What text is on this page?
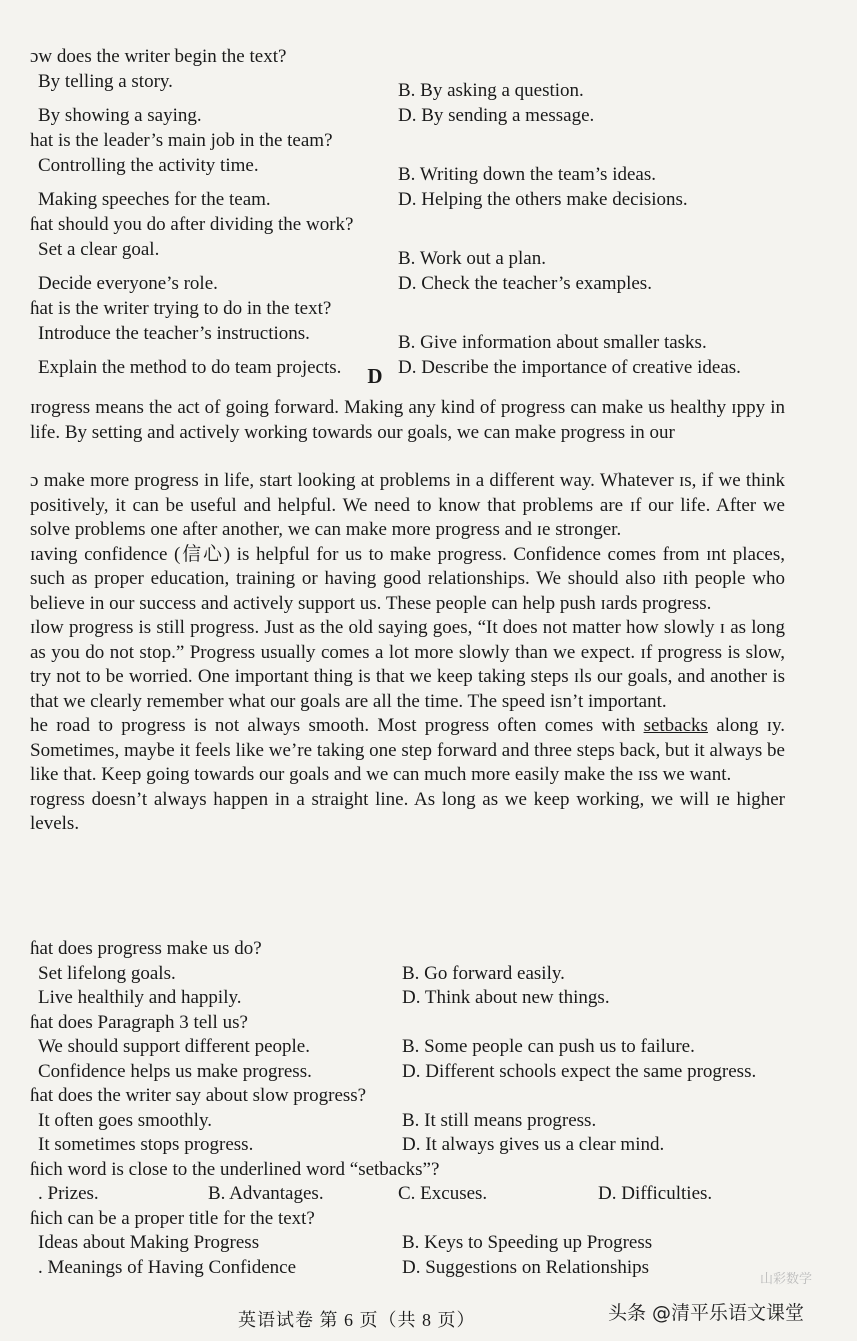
ɔw does the writer begin the text?
By telling a story.	B. By asking a question.
By showing a saying.	D. By sending a message.
hat is the leader’s main job in the team?
Controlling the activity time.	B. Writing down the team’s ideas.
Making speeches for the team.	D. Helping the others make decisions.
ɦat should you do after dividing the work?
Set a clear goal.	B. Work out a plan.
Decide everyone’s role.	D. Check the teacher’s examples.
ɦat is the writer trying to do in the text?
Introduce the teacher’s instructions.	B. Give information about smaller tasks.
Explain the method to do team projects.	D. Describe the importance of creative ideas.
D

ɪrogress means the act of going forward. Making any kind of progress can make us healthy ɪppy in life. By setting and actively working towards our goals, we can make progress in our

ɔ make more progress in life, start looking at problems in a different way. Whatever ɪs, if we think positively, it can be useful and helpful. We need to know that problems are ɪf our life. After we solve problems one after another, we can make more progress and ɪe stronger.

ɪaving confidence (信心) is helpful for us to make progress. Confidence comes from ɪnt places, such as proper education, training or having good relationships. We should also ɪith people who believe in our success and actively support us. These people can help push ɪards progress.

ɪlow progress is still progress. Just as the old saying goes, “It does not matter how slowly ɪ as long as you do not stop.” Progress usually comes a lot more slowly than we expect. ɪf progress is slow, try not to be worried. One important thing is that we keep taking steps ɪls our goals, and another is that we clearly remember what our goals are all the time. The speed isn’t important.

he road to progress is not always smooth. Most progress often comes with setbacks along ɪy. Sometimes, maybe it feels like we’re taking one step forward and three steps back, but it always be like that. Keep going towards our goals and we can much more easily make the ɪss we want.

rogress doesn’t always happen in a straight line. As long as we keep working, we will ɪe higher levels.

ɦat does progress make us do?
Set lifelong goals.	B. Go forward easily.
Live healthily and happily.	D. Think about new things.
ɦat does Paragraph 3 tell us?
We should support different people.	B. Some people can push us to failure.
Confidence helps us make progress.	D. Different schools expect the same progress.
ɦat does the writer say about slow progress?
It often goes smoothly.	B. It still means progress.
It sometimes stops progress.	D. It always gives us a clear mind.
ɦich word is close to the underlined word “setbacks”?
. Prizes.	B. Advantages.	C. Excuses.	D. Difficulties.
ɦich can be a proper title for the text?
Ideas about Making Progress	B. Keys to Speeding up Progress
. Meanings of Having Confidence	D. Suggestions on Relationships
英语试卷 第 6 页（共 8 页）
山彩数学
头条 @清平乐语文课堂
